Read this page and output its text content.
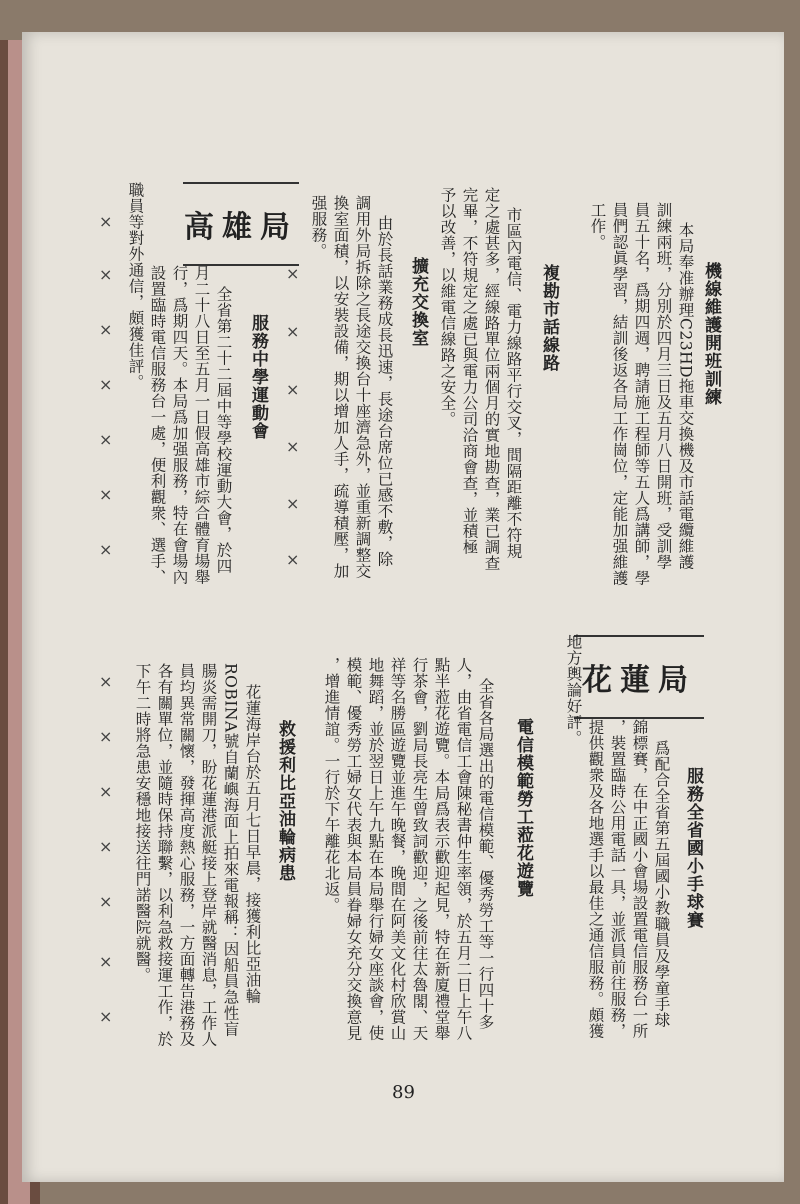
機線維護開班訓練
本局奉准辦理C23HD拖車交換機及市話電纜維護
訓練兩班，分別於四月三日及五月八日開班，受訓學
員五十名，爲期四週，聘請施工程師等五人爲講師，學
員們認眞學習，結訓後返各局工作崗位，定能加强維護
工作。
複勘市話線路
市區內電信、電力線路平行交叉，間隔距離不符規
定之處甚多，經線路單位兩個月的實地勘查，業已調查
完畢，不符規定之處已與電力公司洽商會查，並積極
予以改善，以維電信線路之安全。
擴充交換室
由於長話業務成長迅速，長途台席位已感不敷，除
調用外局拆除之長途交換台十座濟急外，並重新調整交
換室面積，以安裝設備，期以增加人手，疏導積壓，加
强服務。
高雄局
服務中學運動會
全省第二十二屆中等學校運動大會，於四
月二十八日至五月一日假高雄市綜合體育場舉
行，爲期四天。本局爲加强服務，特在會場內
設置臨時電信服務台一處，便利觀衆、選手、
職員等對外通信，頗獲佳評。
×
×
×
×
×
×
×
×
×
×
×
×
×
花蓮局
服務全省國小手球賽
爲配合全省第五屆國小教職員及學童手球
錦標賽，在中正國小會場設置電信服務台一所
，裝置臨時公用電話一具，並派員前往服務，
提供觀衆及各地選手以最佳之通信服務。頗獲
地方輿論好評。
電信模範勞工蒞花遊覽
全省各局選出的電信模範、優秀勞工等一行四十多
人，由省電信工會陳秘書仲生率領，於五月二日上午八
點半蒞花遊覽。本局爲表示歡迎起見，特在新廈禮堂舉
行茶會，劉局長亮生曾致詞歡迎，之後前往太魯閣、天
祥等名勝區遊覽並進午晚餐，晚間在阿美文化村欣賞山
地舞蹈，並於翌日上午九點在本局舉行婦女座談會，使
模範、優秀勞工婦女代表與本局員眷婦女充分交換意見
，增進情誼。一行於下午離花北返。
救援利比亞油輪病患
花蓮海岸台於五月七日早晨，接獲利比亞油輪
ROBINA號自蘭嶼海面上拍來電報稱：因船員急性盲
腸炎需開刀，盼花蓮港派艇接上登岸就醫消息，工作人
員均異常關懷，發揮高度熱心服務，一方面轉告港務及
各有關單位，並隨時保持聯繫，以利急救接運工作，於
下午二時將急患安穩地接送往門諾醫院就醫。
×
×
×
×
×
×
×
89
